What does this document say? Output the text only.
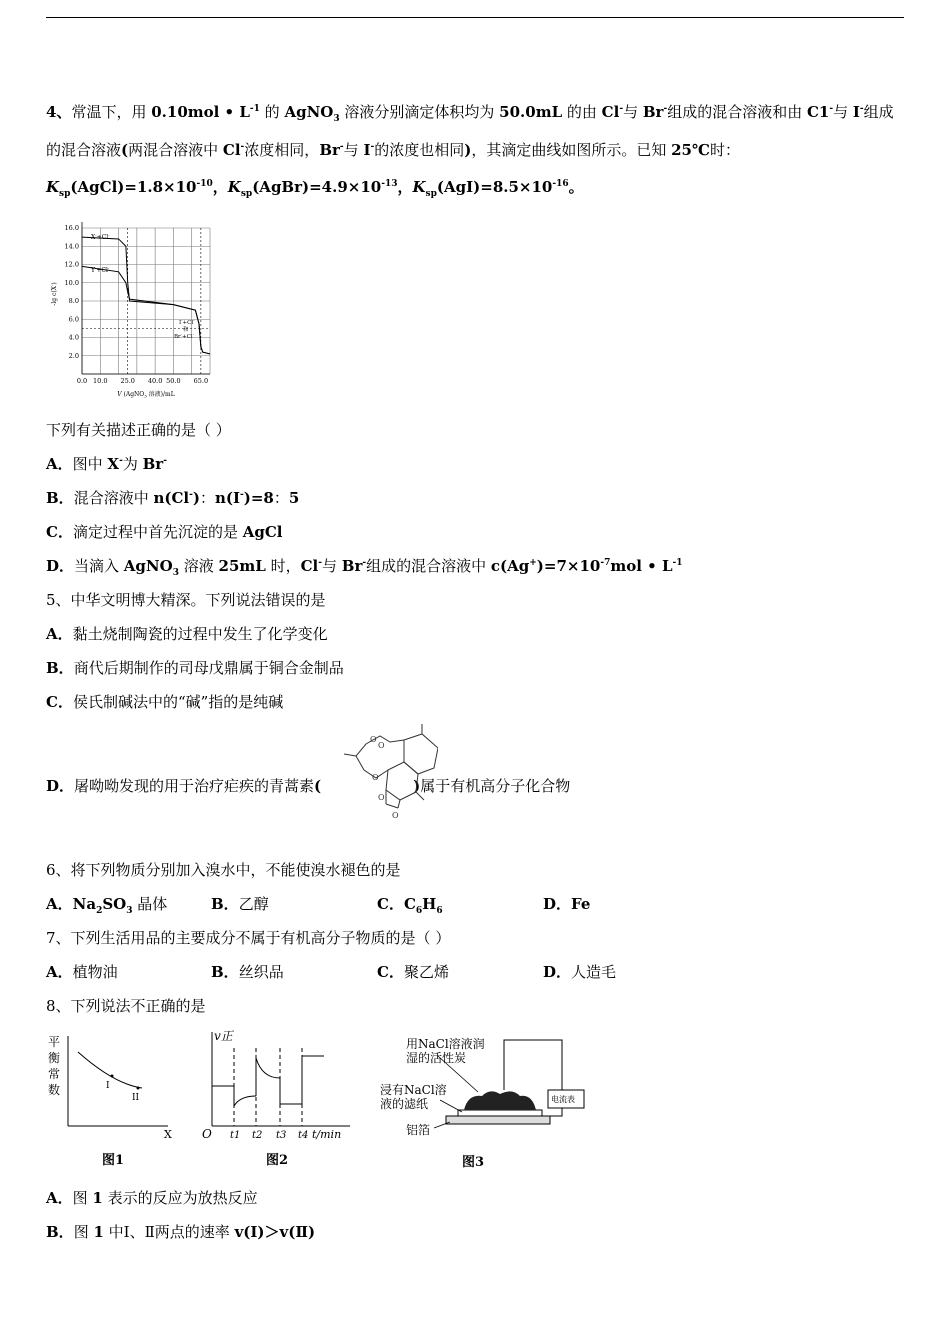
4、常温下，用 0.10mol • $L^{-1}$ 的 AgNO$_3$ 溶液分别滴定体积均为 50.0mL 的由 Cl-与 Br-组成的混合溶液和由 C1-与 I-组成
的混合溶液(两混合溶液中 Cl-浓度相同，Br-与 I-的浓度也相同)，其滴定曲线如图所示。已知 25℃时：
$K_{sp}(AgCl)=1.8\times 10^{-10}$，$K_{sp}(AgBr)=4.9\times 10^{-13}$，$K_{sp}(AgI)=8.5\times 10^{-16}$。
16.0
14.0
12.0
10.0
8.0
6.0
4.0
2.0
0.0 10.0 25.0 40.0 50.0 65.0
X-+Cl-
Y-+Cl-
I-+Cl-
和
Br-+Cl-
-lg c(X-)
V (AgNO$_3$ 溶液)/mL
下列有关描述正确的是（ ）
A．图中 X-为 Br-
B．混合溶液中 n(Cl-)：n(I-)=8：5
C．滴定过程中首先沉淀的是 AgCl
D．当滴入 AgNO$_3$ 溶液 25mL 时，Cl-与 Br-组成的混合溶液中 $c(Ag^+)=7\times 10^{-7}mol$ • $L^{-1}$
5、中华文明博大精深。下列说法错误的是
A．黏土烧制陶瓷的过程中发生了化学变化
B．商代后期制作的司母戊鼎属于铜合金制品
C．侯氏制碱法中的“碱”指的是纯碱
D．屠呦呦发现的用于治疗疟疾的青蒿素(	)属于有机高分子化合物
O
O
O
O
O
6、将下列物质分别加入溴水中，不能使溴水褪色的是
A．$Na_2SO_3$ 晶体	B．乙醇	C．$C_6H_6$	D．Fe
7、下列生活用品的主要成分不属于有机高分子物质的是（ ）
A．植物油	B．丝织品	C．聚乙烯	D．人造毛
8、下列说法不正确的是
平
衡
常
数	I
II
X
图1
v正
O t1 t2 t3 t4 t/min
图2
用NaCl溶液润
湿的活性炭
浸有NaCl溶
液的滤纸
铝箔
电流表
图3
A．图 1 表示的反应为放热反应
B．图 1 中Ⅰ、Ⅱ两点的速率 v(Ⅰ)＞v(Ⅱ)
